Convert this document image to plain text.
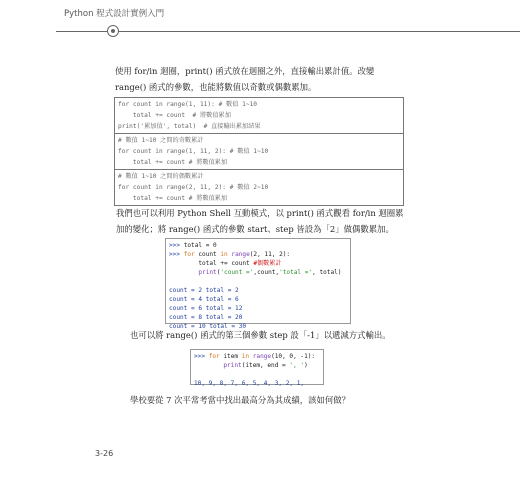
Python 程式設計實例入門
使用 for/in 迴圈，print() 函式放在迴圈之外，直接輸出累計值。改變
range() 函式的參數，也能將數值以奇數或偶數累加。
for count in range(1, 11): # 數值 1~10
total += count  # 將數值累加
print('累加值', total)  # 直接輸出累加結果
# 數值 1~10 之間的奇數累計
for count in range(1, 11, 2): # 數值 1~10
total += count # 將數值累加
# 數值 1~10 之間的偶數累計
for count in range(2, 11, 2): # 數值 2~10
total += count # 將數值累加
我們也可以利用 Python Shell 互動模式，以 print() 函式觀看 for/in 迴圈累
加的變化；將 range() 函式的參數 start、step 皆設為「2」做偶數累加。
>>> total = 0
>>> for count in range(2, 11, 2):
total += count #偶數累計
print('count =',count,'total =', total)

count = 2 total = 2
count = 4 total = 6
count = 6 total = 12
count = 8 total = 20
count = 10 total = 30
也可以將 range() 函式的第三個參數 step 設「-1」以遞減方式輸出。
>>> for item in range(10, 0, -1):
print(item, end = ', ')

10, 9, 8, 7, 6, 5, 4, 3, 2, 1,
學校要從 7 次平常考當中找出最高分為其成績，該如何做？
3-26
